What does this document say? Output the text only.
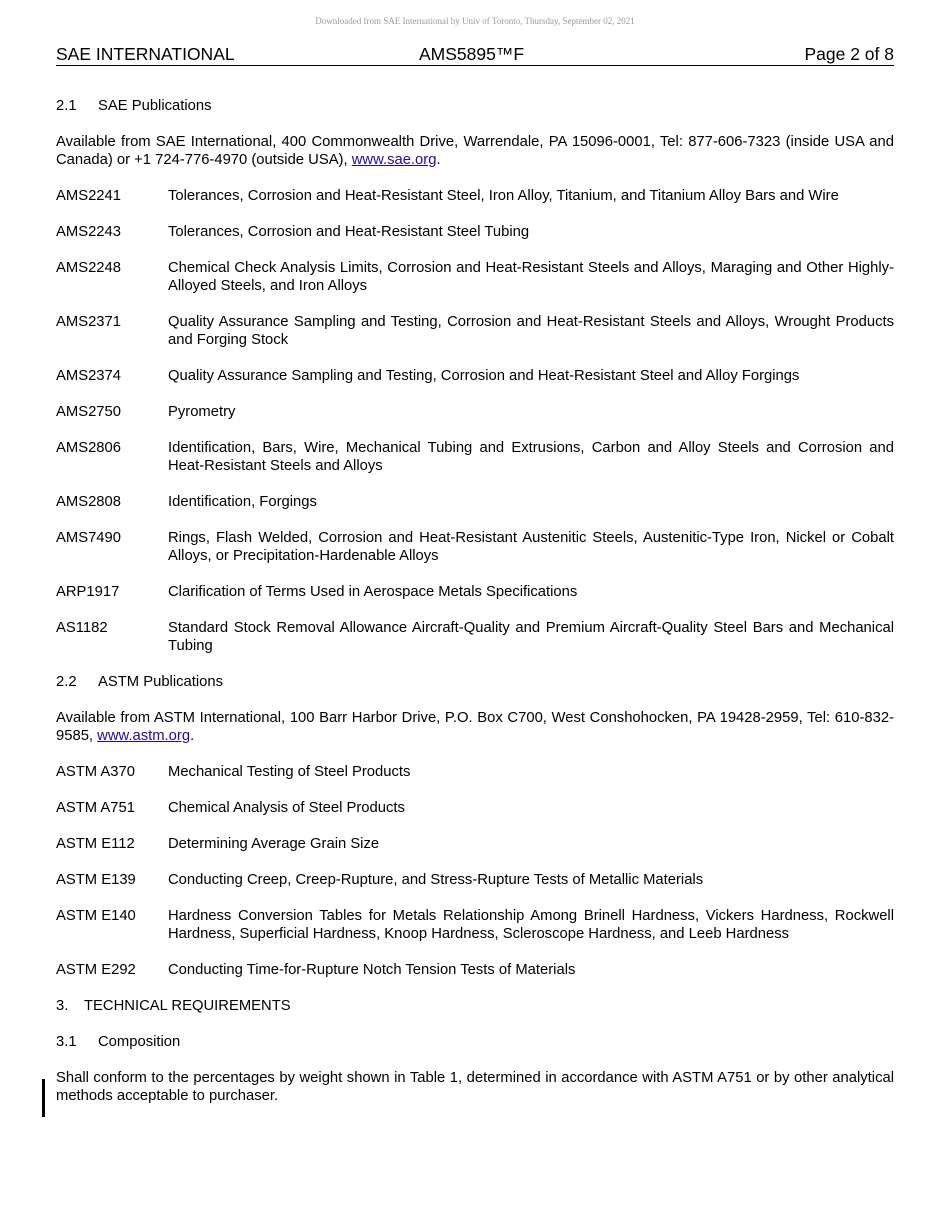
Downloaded from SAE International by Univ of Toronto, Thursday, September 02, 2021
SAE INTERNATIONAL	AMS5895™F	Page 2 of 8
2.1 SAE Publications
Available from SAE International, 400 Commonwealth Drive, Warrendale, PA 15096-0001, Tel: 877-606-7323 (inside USA and Canada) or +1 724-776-4970 (outside USA), www.sae.org.
AMS2241	Tolerances, Corrosion and Heat-Resistant Steel, Iron Alloy, Titanium, and Titanium Alloy Bars and Wire
AMS2243	Tolerances, Corrosion and Heat-Resistant Steel Tubing
AMS2248	Chemical Check Analysis Limits, Corrosion and Heat-Resistant Steels and Alloys, Maraging and Other Highly-Alloyed Steels, and Iron Alloys
AMS2371	Quality Assurance Sampling and Testing, Corrosion and Heat-Resistant Steels and Alloys, Wrought Products and Forging Stock
AMS2374	Quality Assurance Sampling and Testing, Corrosion and Heat-Resistant Steel and Alloy Forgings
AMS2750	Pyrometry
AMS2806	Identification, Bars, Wire, Mechanical Tubing and Extrusions, Carbon and Alloy Steels and Corrosion and Heat-Resistant Steels and Alloys
AMS2808	Identification, Forgings
AMS7490	Rings, Flash Welded, Corrosion and Heat-Resistant Austenitic Steels, Austenitic-Type Iron, Nickel or Cobalt Alloys, or Precipitation-Hardenable Alloys
ARP1917	Clarification of Terms Used in Aerospace Metals Specifications
AS1182	Standard Stock Removal Allowance Aircraft-Quality and Premium Aircraft-Quality Steel Bars and Mechanical Tubing
2.2 ASTM Publications
Available from ASTM International, 100 Barr Harbor Drive, P.O. Box C700, West Conshohocken, PA 19428-2959, Tel: 610-832-9585, www.astm.org.
ASTM A370	Mechanical Testing of Steel Products
ASTM A751	Chemical Analysis of Steel Products
ASTM E112	Determining Average Grain Size
ASTM E139	Conducting Creep, Creep-Rupture, and Stress-Rupture Tests of Metallic Materials
ASTM E140	Hardness Conversion Tables for Metals Relationship Among Brinell Hardness, Vickers Hardness, Rockwell Hardness, Superficial Hardness, Knoop Hardness, Scleroscope Hardness, and Leeb Hardness
ASTM E292	Conducting Time-for-Rupture Notch Tension Tests of Materials
3. TECHNICAL REQUIREMENTS
3.1 Composition
Shall conform to the percentages by weight shown in Table 1, determined in accordance with ASTM A751 or by other analytical methods acceptable to purchaser.
